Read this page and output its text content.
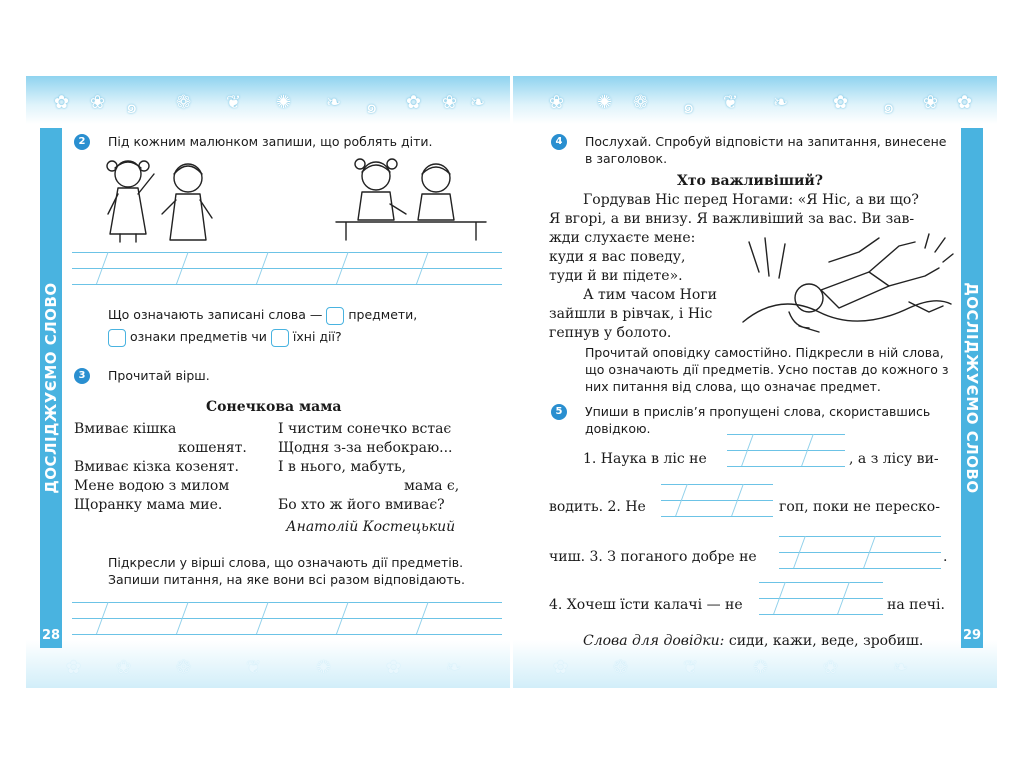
✿ ❀ ๑ ❁ ❦ ✺ ❧ ๑ ✿ ❀ ❧
✿ ❀ ❁	❦	✺	✿ ❧
ДОСЛІДЖУЄМО СЛОВО
28
2	Під кожним малюнком запиши, що роблять діти.
Що означають записані слова — предмети,
ознаки предметів чи їхні дії?
3	Прочитай вірш.
Сонечкова мама
Вмиває кішка
кошенят.
Вмиває кізка козенят.
Мене водою з милом
Щоранку мама мие.
І чистим сонечко встає
Щодня з-за небокраю...
І в нього, мабуть,
мама є,
Бо хто ж його вмиває?
Анатолій Костецький
Підкресли у вірші слова, що означають дії предметів. Запиши питання, на яке вони всі разом відповідають.
❀ ✺ ❁ ๑ ❦ ❧ ✿ ๑ ❀ ✿
✿ ❁	❦	✺	❀	❧
ДОСЛІДЖУЄМО СЛОВО
29
4	Послухай. Спробуй відповісти на запитання, винесене в заголовок.
Хто важливіший?
Гордував Ніс перед Ногами: «Я Ніс, а ви що?
Я вгорі, а ви внизу. Я важливіший за вас. Ви зав-
жди слухаєте мене:
куди я вас поведу,
туди й ви підете».
А тим часом Ноги
зайшли в рівчак, і Ніс
гепнув у болото.
Прочитай оповідку самостійно. Підкресли в ній слова, що означають дії предметів. Усно постав до кожного з них питання від слова, що означає предмет.
5	Упиши в прислів’я пропущені слова, скориставшись довідкою.
1. Наука в ліс не	, а з лісу ви-
водить. 2. Не	гоп, поки не переско-
чиш. 3. З поганого добре не	.
4. Хочеш їсти калачі — не	на печі.
Слова для довідки: сиди, кажи, веде, зробиш.
